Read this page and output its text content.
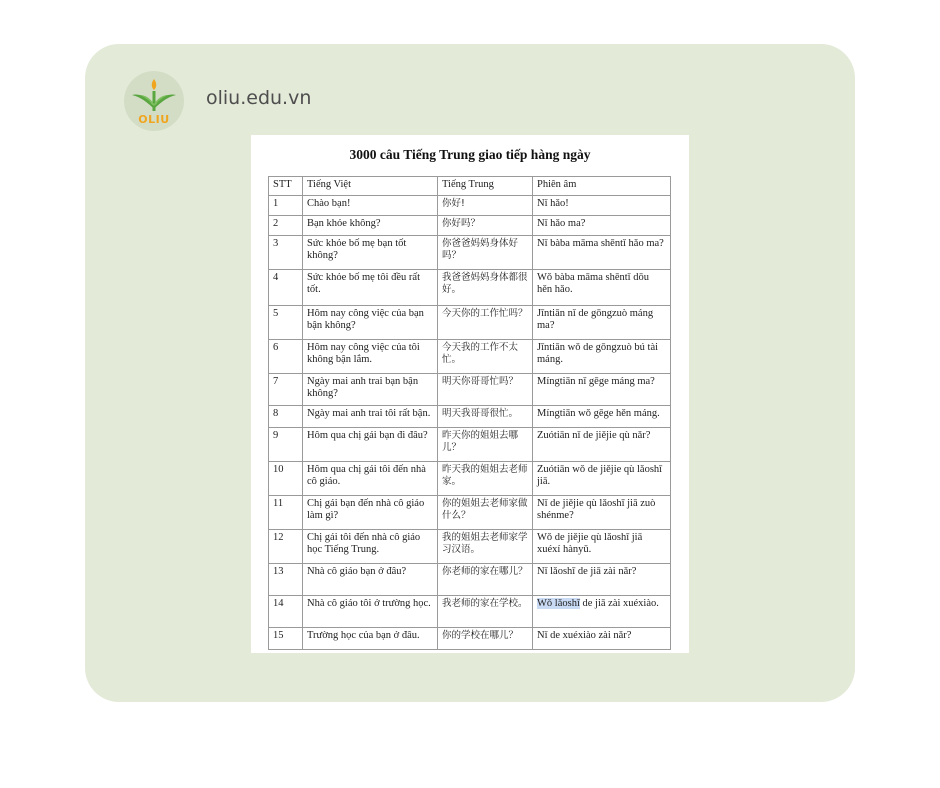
OLIU
oliu.edu.vn
3000 câu Tiếng Trung giao tiếp hàng ngày
STT	Tiếng Việt	Tiếng Trung	Phiên âm
1	Chào bạn!	你好!	Nǐ hǎo!
2	Bạn khỏe không?	你好吗？	Nǐ hǎo ma?
3	Sức khỏe bố mẹ bạn tốt không?	你爸爸妈妈身体好吗？	Nǐ bàba māma shēntǐ hǎo ma?
4	Sức khỏe bố mẹ tôi đều rất tốt.	我爸爸妈妈身体都很好。	Wǒ bàba māma shēntǐ dōu hěn hǎo.
5	Hôm nay công việc của bạn bận không?	今天你的工作忙吗？	Jīntiān nǐ de gōngzuò máng ma?
6	Hôm nay công việc của tôi không bận lắm.	今天我的工作不太忙。	Jīntiān wǒ de gōngzuò bú tài máng.
7	Ngày mai anh trai bạn bận không?	明天你哥哥忙吗？	Míngtiān nǐ gēge máng ma?
8	Ngày mai anh trai tôi rất bận.	明天我哥哥很忙。	Míngtiān wǒ gēge hěn máng.
9	Hôm qua chị gái bạn đi đâu?	昨天你的姐姐去哪儿？	Zuótiān nǐ de jiějie qù nǎr?
10	Hôm qua chị gái tôi đến nhà cô giáo.	昨天我的姐姐去老师家。	Zuótiān wǒ de jiějie qù lǎoshī jiā.
11	Chị gái bạn đến nhà cô giáo làm gì?	你的姐姐去老师家做什么？	Nǐ de jiějie qù lǎoshī jiā zuò shénme?
12	Chị gái tôi đến nhà cô giáo học Tiếng Trung.	我的姐姐去老师家学习汉语。	Wǒ de jiějie qù lǎoshī jiā xuéxí hànyǔ.
13	Nhà cô giáo bạn ở đâu?	你老师的家在哪儿？	Nǐ lǎoshī de jiā zài nǎr?
14	Nhà cô giáo tôi ở trường học.	我老师的家在学校。	Wǒ lǎoshī de jiā zài xuéxiào.
15	Trường học của bạn ở đâu.	你的学校在哪儿？	Nǐ de xuéxiào zài nǎr?
